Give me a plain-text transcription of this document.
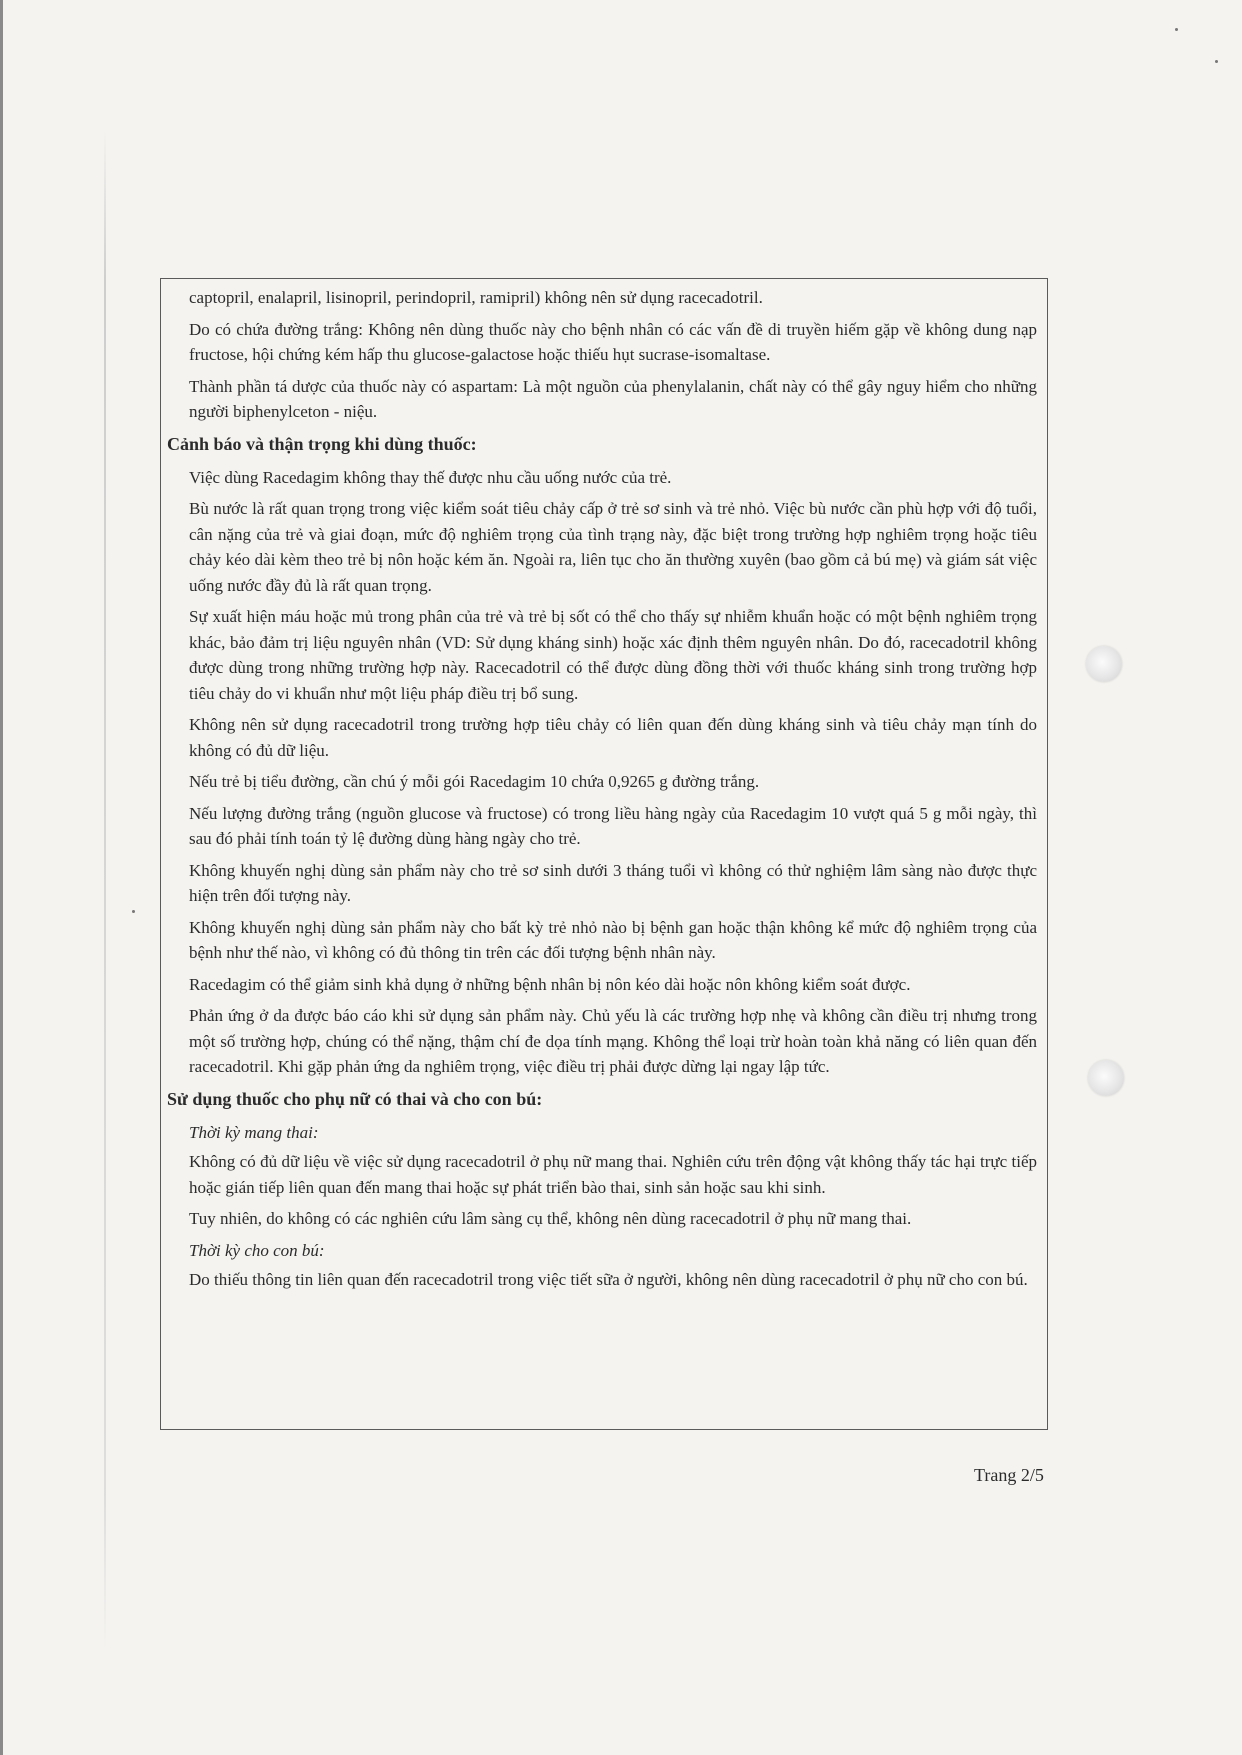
captopril, enalapril, lisinopril, perindopril, ramipril) không nên sử dụng racecadotril.

Do có chứa đường trắng: Không nên dùng thuốc này cho bệnh nhân có các vấn đề di truyền hiếm gặp về không dung nạp fructose, hội chứng kém hấp thu glucose-galactose hoặc thiếu hụt sucrase-isomaltase.

Thành phần tá dược của thuốc này có aspartam: Là một nguồn của phenylalanin, chất này có thể gây nguy hiểm cho những người biphenylceton - niệu.

Cảnh báo và thận trọng khi dùng thuốc:

Việc dùng Racedagim không thay thế được nhu cầu uống nước của trẻ.

Bù nước là rất quan trọng trong việc kiểm soát tiêu chảy cấp ở trẻ sơ sinh và trẻ nhỏ. Việc bù nước cần phù hợp với độ tuổi, cân nặng của trẻ và giai đoạn, mức độ nghiêm trọng của tình trạng này, đặc biệt trong trường hợp nghiêm trọng hoặc tiêu chảy kéo dài kèm theo trẻ bị nôn hoặc kém ăn. Ngoài ra, liên tục cho ăn thường xuyên (bao gồm cả bú mẹ) và giám sát việc uống nước đầy đủ là rất quan trọng.

Sự xuất hiện máu hoặc mủ trong phân của trẻ và trẻ bị sốt có thể cho thấy sự nhiễm khuẩn hoặc có một bệnh nghiêm trọng khác, bảo đảm trị liệu nguyên nhân (VD: Sử dụng kháng sinh) hoặc xác định thêm nguyên nhân. Do đó, racecadotril không được dùng trong những trường hợp này. Racecadotril có thể được dùng đồng thời với thuốc kháng sinh trong trường hợp tiêu chảy do vi khuẩn như một liệu pháp điều trị bổ sung.

Không nên sử dụng racecadotril trong trường hợp tiêu chảy có liên quan đến dùng kháng sinh và tiêu chảy mạn tính do không có đủ dữ liệu.

Nếu trẻ bị tiểu đường, cần chú ý mỗi gói Racedagim 10 chứa 0,9265 g đường trắng.

Nếu lượng đường trắng (nguồn glucose và fructose) có trong liều hàng ngày của Racedagim 10 vượt quá 5 g mỗi ngày, thì sau đó phải tính toán tỷ lệ đường dùng hàng ngày cho trẻ.

Không khuyến nghị dùng sản phẩm này cho trẻ sơ sinh dưới 3 tháng tuổi vì không có thử nghiệm lâm sàng nào được thực hiện trên đối tượng này.

Không khuyến nghị dùng sản phẩm này cho bất kỳ trẻ nhỏ nào bị bệnh gan hoặc thận không kể mức độ nghiêm trọng của bệnh như thế nào, vì không có đủ thông tin trên các đối tượng bệnh nhân này.

Racedagim có thể giảm sinh khả dụng ở những bệnh nhân bị nôn kéo dài hoặc nôn không kiểm soát được.

Phản ứng ở da được báo cáo khi sử dụng sản phẩm này. Chủ yếu là các trường hợp nhẹ và không cần điều trị nhưng trong một số trường hợp, chúng có thể nặng, thậm chí đe dọa tính mạng. Không thể loại trừ hoàn toàn khả năng có liên quan đến racecadotril. Khi gặp phản ứng da nghiêm trọng, việc điều trị phải được dừng lại ngay lập tức.

Sử dụng thuốc cho phụ nữ có thai và cho con bú:

Thời kỳ mang thai:

Không có đủ dữ liệu về việc sử dụng racecadotril ở phụ nữ mang thai. Nghiên cứu trên động vật không thấy tác hại trực tiếp hoặc gián tiếp liên quan đến mang thai hoặc sự phát triển bào thai, sinh sản hoặc sau khi sinh.

Tuy nhiên, do không có các nghiên cứu lâm sàng cụ thể, không nên dùng racecadotril ở phụ nữ mang thai.

Thời kỳ cho con bú:

Do thiếu thông tin liên quan đến racecadotril trong việc tiết sữa ở người, không nên dùng racecadotril ở phụ nữ cho con bú.

Trang 2/5
